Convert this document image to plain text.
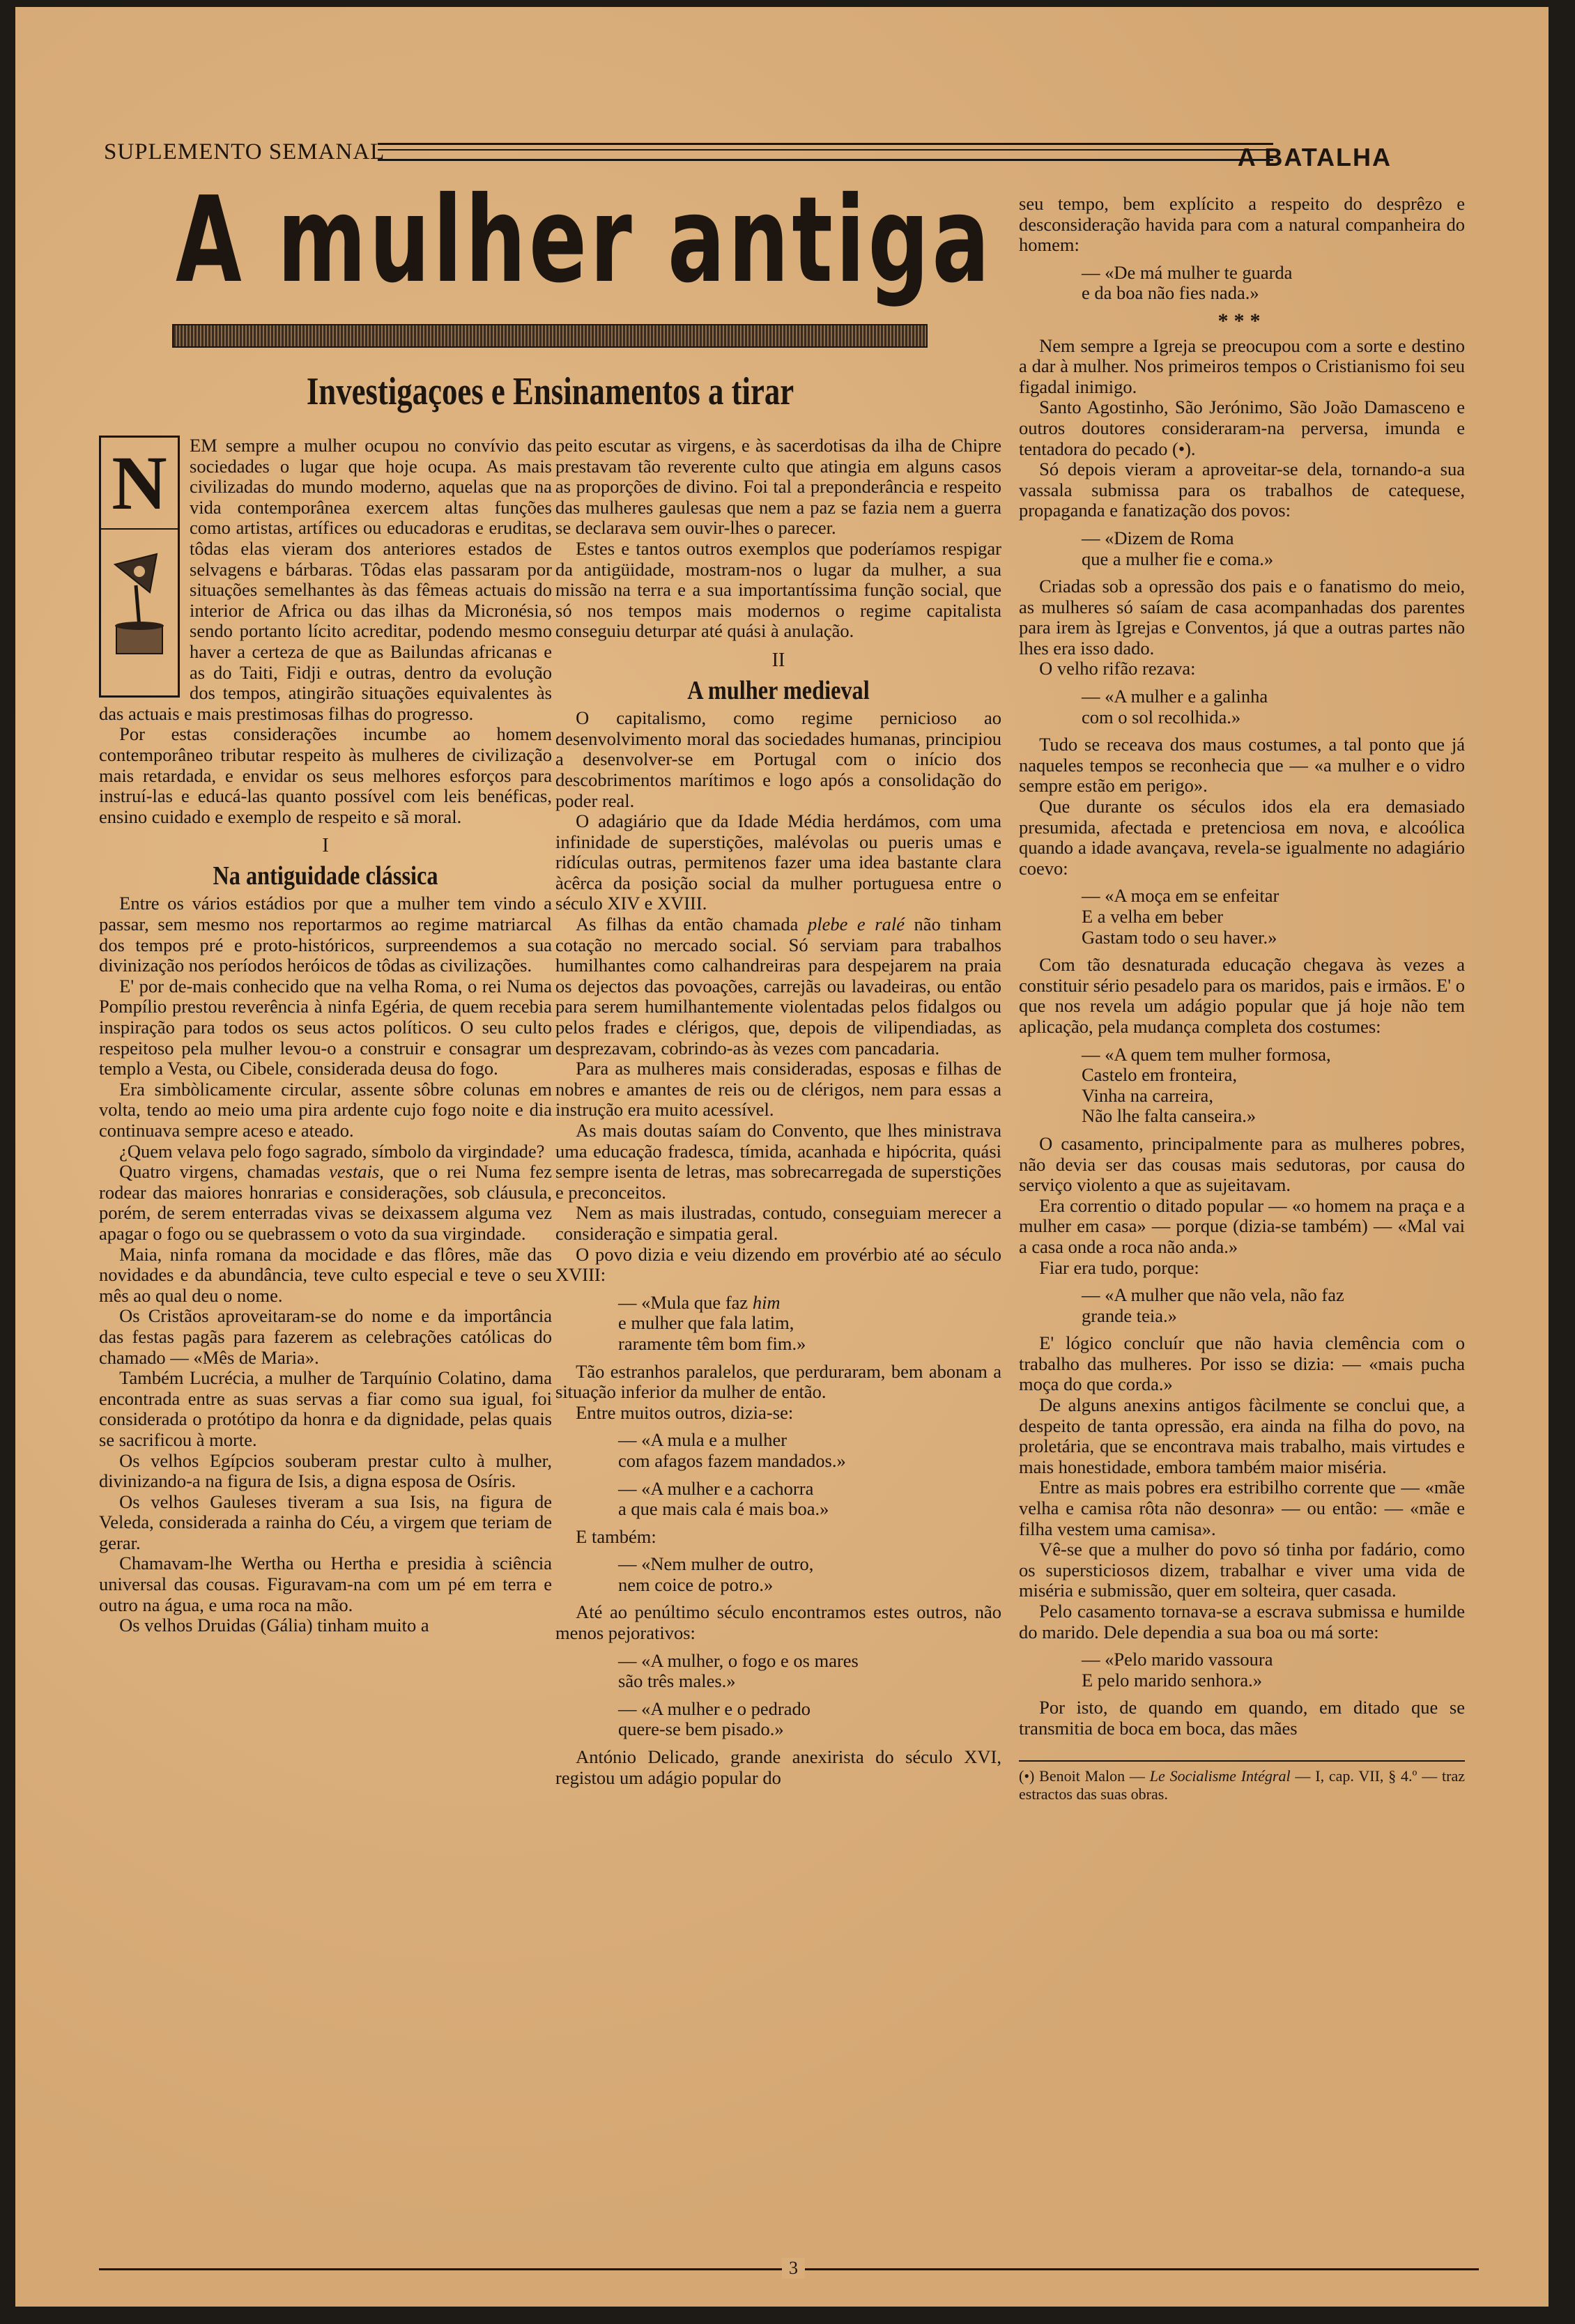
SUPLEMENTO SEMANAL	A BATALHA
A mulher antiga
Investigaçoes e Ensinamentos a tirar
N	EM sempre a mulher ocupou no convívio das sociedades o lugar que hoje ocupa. As mais civilizadas do mundo moderno, aquelas que na vida contemporânea exercem altas funções como artistas, artífices ou educadoras e eruditas, tôdas elas vieram dos anteriores estados de selvagens e bárbaras. Tôdas elas passaram por situações semelhantes às das fêmeas actuais do interior de Africa ou das ilhas da Micronésia, sendo portanto lícito acreditar, podendo mesmo haver a certeza de que as Bailundas africanas e as do Taiti, Fidji e outras, dentro da evolução dos tempos, atingirão situações equivalentes às das actuais e mais prestimosas filhas do progresso.

Por estas considerações incumbe ao homem contemporâneo tributar respeito às mulheres de civilização mais retardada, e envidar os seus melhores esforços para instruí-las e educá-las quanto possível com leis benéficas, ensino cuidado e exemplo de respeito e sã moral.

I
Na antiguidade clássica

Entre os vários estádios por que a mulher tem vindo a passar, sem mesmo nos reportarmos ao regime matriarcal dos tempos pré e proto-históricos, surpreendemos a sua divinização nos períodos heróicos de tôdas as civilizações.

E' por de-mais conhecido que na velha Roma, o rei Numa Pompílio prestou reverência à ninfa Egéria, de quem recebia inspiração para todos os seus actos políticos. O seu culto respeitoso pela mulher levou-o a construir e consagrar um templo a Vesta, ou Cibele, considerada deusa do fogo.

Era simbòlicamente circular, assente sôbre colunas em volta, tendo ao meio uma pira ardente cujo fogo noite e dia continuava sempre aceso e ateado.

¿Quem velava pelo fogo sagrado, símbolo da virgindade?

Quatro virgens, chamadas vestais, que o rei Numa fez rodear das maiores honrarias e considerações, sob cláusula, porém, de serem enterradas vivas se deixassem alguma vez apagar o fogo ou se quebrassem o voto da sua virgindade.

Maia, ninfa romana da mocidade e das flôres, mãe das novidades e da abundância, teve culto especial e teve o seu mês ao qual deu o nome.

Os Cristãos aproveitaram-se do nome e da importância das festas pagãs para fazerem as celebrações católicas do chamado — «Mês de Maria».

Também Lucrécia, a mulher de Tarquínio Colatino, dama encontrada entre as suas servas a fiar como sua igual, foi considerada o protótipo da honra e da dignidade, pelas quais se sacrificou à morte.

Os velhos Egípcios souberam prestar culto à mulher, divinizando-a na figura de Isis, a digna esposa de Osíris.

Os velhos Gauleses tiveram a sua Isis, na figura de Veleda, considerada a rainha do Céu, a virgem que teriam de gerar.

Chamavam-lhe Wertha ou Hertha e presidia à sciência universal das cousas. Figuravam-na com um pé em terra e outro na água, e uma roca na mão.

Os velhos Druidas (Gália) tinham muito a

peito escutar as virgens, e às sacerdotisas da ilha de Chipre prestavam tão reverente culto que atingia em alguns casos as proporções de divino. Foi tal a preponderância e respeito das mulheres gaulesas que nem a paz se fazia nem a guerra se declarava sem ouvir-lhes o parecer.

Estes e tantos outros exemplos que poderíamos respigar da antigüidade, mostram-nos o lugar da mulher, a sua missão na terra e a sua importantíssima função social, que só nos tempos mais modernos o regime capitalista conseguiu deturpar até quási à anulação.

II
A mulher medieval

O capitalismo, como regime pernicioso ao desenvolvimento moral das sociedades humanas, principiou a desenvolver-se em Portugal com o início dos descobrimentos marítimos e logo após a consolidação do poder real.

O adagiário que da Idade Média herdámos, com uma infinidade de superstições, malévolas ou pueris umas e ridículas outras, permitenos fazer uma idea bastante clara àcêrca da posição social da mulher portuguesa entre o século XIV e XVIII.

As filhas da então chamada plebe e ralé não tinham cotação no mercado social. Só serviam para trabalhos humilhantes como calhandreiras para despejarem na praia os dejectos das povoações, carrejãs ou lavadeiras, ou então para serem humilhantemente violentadas pelos fidalgos ou pelos frades e clérigos, que, depois de vilipendiadas, as desprezavam, cobrindo-as às vezes com pancadaria.

Para as mulheres mais consideradas, esposas e filhas de nobres e amantes de reis ou de clérigos, nem para essas a instrução era muito acessível.

As mais doutas saíam do Convento, que lhes ministrava uma educação fradesca, tímida, acanhada e hipócrita, quási sempre isenta de letras, mas sobrecarregada de superstições e preconceitos.

Nem as mais ilustradas, contudo, conseguiam merecer a consideração e simpatia geral.

O povo dizia e veiu dizendo em provérbio até ao século XVIII:

— «Mula que faz him
e mulher que fala latim,
raramente têm bom fim.»

Tão estranhos paralelos, que perduraram, bem abonam a situação inferior da mulher de então.

Entre muitos outros, dizia-se:

— «A mula e a mulher
com afagos fazem mandados.»
— «A mulher e a cachorra
a que mais cala é mais boa.»

E também:

— «Nem mulher de outro,
nem coice de potro.»

Até ao penúltimo século encontramos estes outros, não menos pejorativos:

— «A mulher, o fogo e os mares
são três males.»
— «A mulher e o pedrado
quere-se bem pisado.»

António Delicado, grande anexirista do século XVI, registou um adágio popular do

seu tempo, bem explícito a respeito do desprêzo e desconsideração havida para com a natural companheira do homem:

— «De má mulher te guarda
e da boa não fies nada.»
***

Nem sempre a Igreja se preocupou com a sorte e destino a dar à mulher. Nos primeiros tempos o Cristianismo foi seu figadal inimigo.

Santo Agostinho, São Jerónimo, São João Damasceno e outros doutores consideraram-na perversa, imunda e tentadora do pecado (•).

Só depois vieram a aproveitar-se dela, tornando-a sua vassala submissa para os trabalhos de catequese, propaganda e fanatização dos povos:

— «Dizem de Roma
que a mulher fie e coma.»

Criadas sob a opressão dos pais e o fanatismo do meio, as mulheres só saíam de casa acompanhadas dos parentes para irem às Igrejas e Conventos, já que a outras partes não lhes era isso dado.

O velho rifão rezava:

— «A mulher e a galinha
com o sol recolhida.»

Tudo se receava dos maus costumes, a tal ponto que já naqueles tempos se reconhecia que — «a mulher e o vidro sempre estão em perigo».

Que durante os séculos idos ela era demasiado presumida, afectada e pretenciosa em nova, e alcoólica quando a idade avançava, revela-se igualmente no adagiário coevo:

— «A moça em se enfeitar
E a velha em beber
Gastam todo o seu haver.»

Com tão desnaturada educação chegava às vezes a constituir sério pesadelo para os maridos, pais e irmãos. E' o que nos revela um adágio popular que já hoje não tem aplicação, pela mudança completa dos costumes:

— «A quem tem mulher formosa,
Castelo em fronteira,
Vinha na carreira,
Não lhe falta canseira.»

O casamento, principalmente para as mulheres pobres, não devia ser das cousas mais sedutoras, por causa do serviço violento a que as sujeitavam.

Era correntio o ditado popular — «o homem na praça e a mulher em casa» — porque (dizia-se também) — «Mal vai a casa onde a roca não anda.»

Fiar era tudo, porque:

— «A mulher que não vela, não faz
grande teia.»

E' lógico concluír que não havia clemência com o trabalho das mulheres. Por isso se dizia: — «mais pucha moça do que corda.»

De alguns anexins antigos fàcilmente se conclui que, a despeito de tanta opressão, era ainda na filha do povo, na proletária, que se encontrava mais trabalho, mais virtudes e mais honestidade, embora também maior miséria.

Entre as mais pobres era estribilho corrente que — «mãe velha e camisa rôta não desonra» — ou então: — «mãe e filha vestem uma camisa».

Vê-se que a mulher do povo só tinha por fadário, como os supersticiosos dizem, trabalhar e viver uma vida de miséria e submissão, quer em solteira, quer casada.

Pelo casamento tornava-se a escrava submissa e humilde do marido. Dele dependia a sua boa ou má sorte:

— «Pelo marido vassoura
E pelo marido senhora.»

Por isto, de quando em quando, em ditado que se transmitia de boca em boca, das mães

(•) Benoit Malon — Le Socialisme Intégral — I, cap. VII, § 4.º — traz estractos das suas obras.
3
